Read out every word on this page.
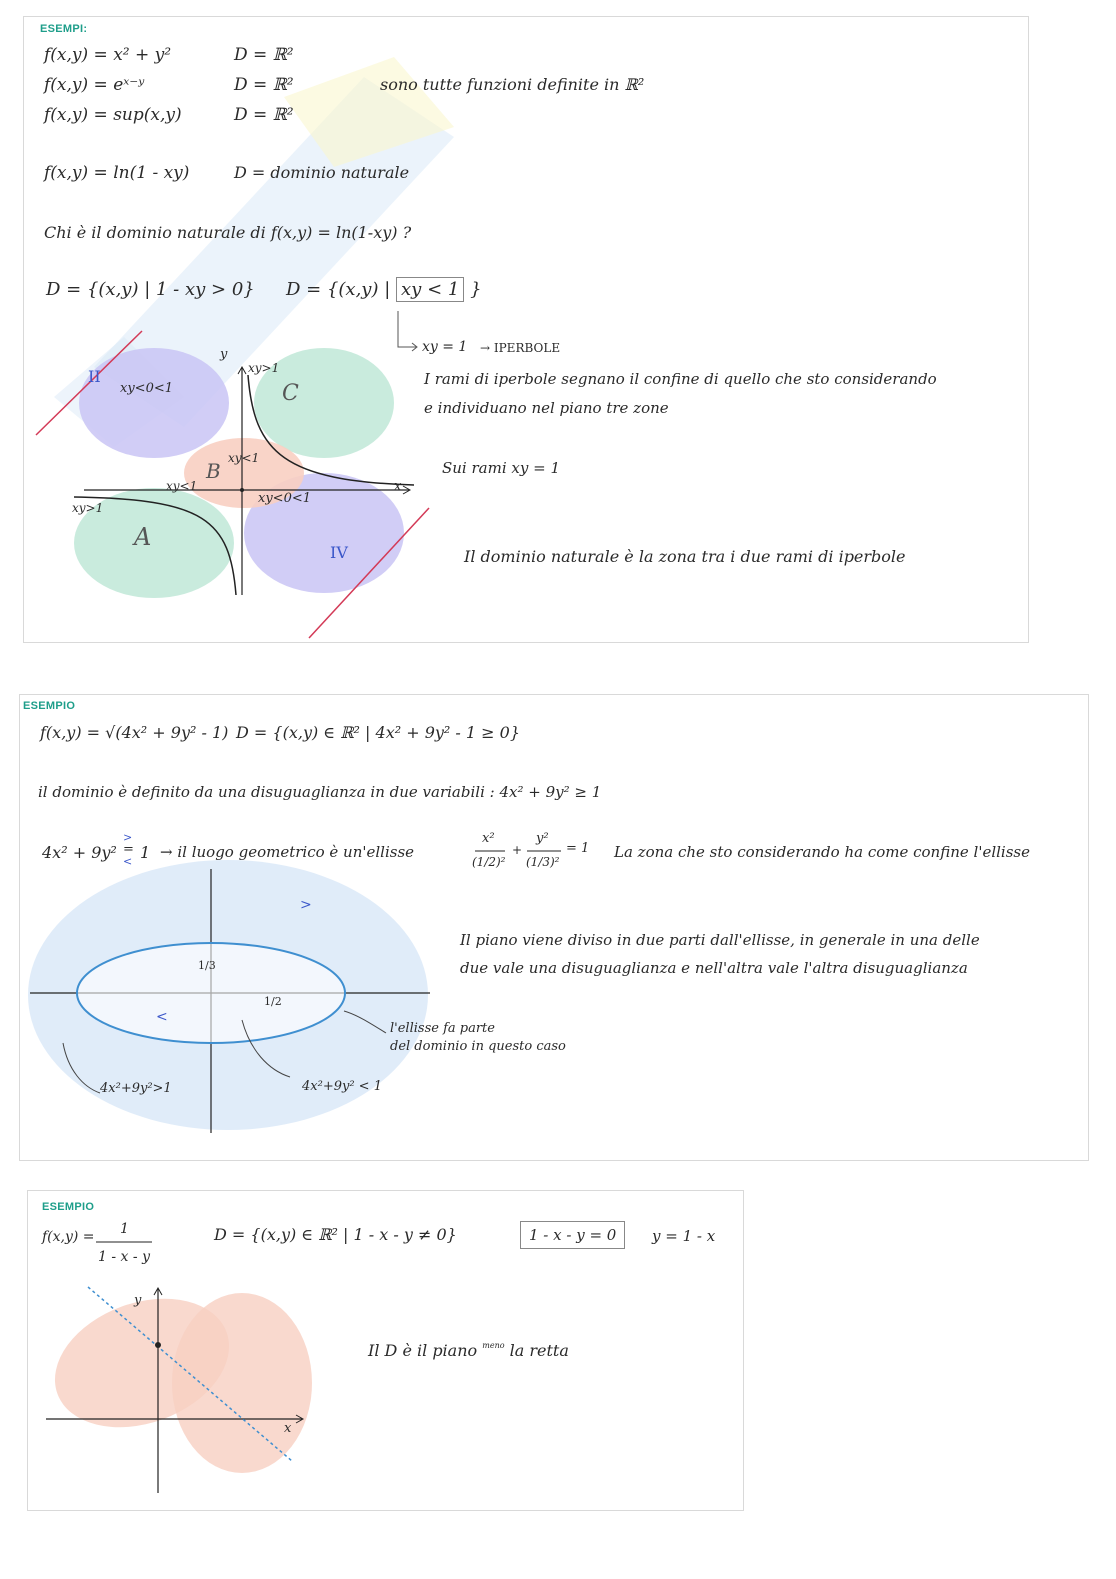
ESEMPI:
f(x,y) = x² + y²	D = ℝ²
f(x,y) = eˣ⁻ʸ	D = ℝ²
f(x,y) = sup(x,y)	D = ℝ²
sono tutte funzioni definite in ℝ²
f(x,y) = ln(1 - xy)	D = dominio naturale
Chi è il dominio naturale di f(x,y) = ln(1-xy) ?
D = {(x,y) | 1 - xy > 0} D = {(x,y) | xy < 1 }
xy = 1 → IPERBOLE
I rami di iperbole segnano il confine di quello che sto considerando
e individuano nel piano tre zone
Sui rami xy = 1
Il dominio naturale è la zona tra i due rami di iperbole
y
x
II
IV
xy<0<1
xy>1
C
xy<1
xy<1
B
xy<0<1
xy>1
A
ESEMPIO
f(x,y) = √(4x² + 9y² - 1) D = {(x,y) ∈ ℝ² | 4x² + 9y² - 1 ≥ 0}
il dominio è definito da una disuguaglianza in due variabili : 4x² + 9y² ≥ 1
4x² + 9y²
>
=
< 1 → il luogo geometrico è un'ellisse
x²
(1/2)²
+
y²
(1/3)²
= 1 La zona che sto considerando ha come confine l'ellisse
Il piano viene diviso in due parti dall'ellisse, in generale in una delle
due vale una disuguaglianza e nell'altra vale l'altra disuguaglianza
>
<
1/3
1/2
l'ellisse fa parte
del dominio in questo caso
4x²+9y²>1	4x²+9y² < 1
ESEMPIO
f(x,y) = 1
1 - x - y
D = {(x,y) ∈ ℝ² | 1 - x - y ≠ 0}	1 - x - y = 0	y = 1 - x
Il D è il piano $^{meno}$ la retta
y
x
